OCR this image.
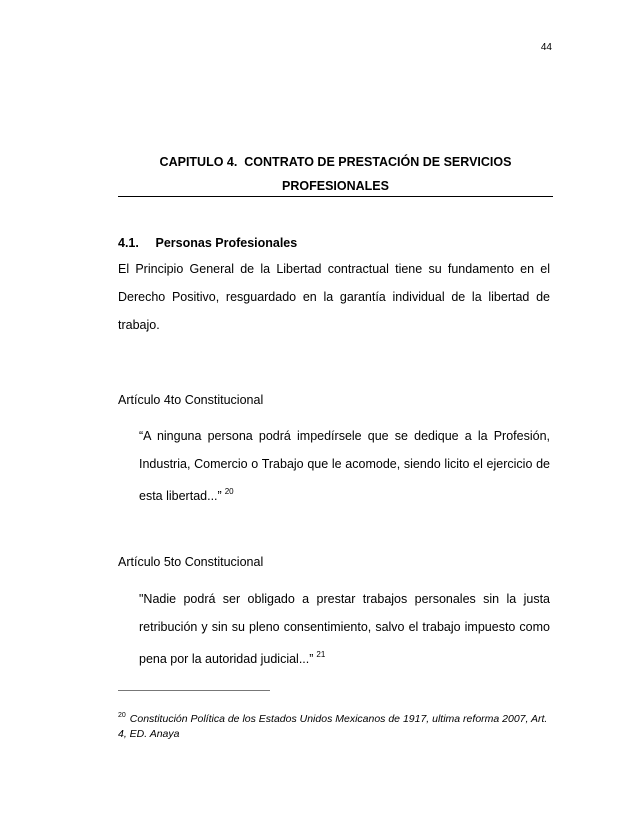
44
CAPITULO 4.  CONTRATO DE PRESTACIÓN DE SERVICIOS
PROFESIONALES
4.1. Personas Profesionales
El Principio General de la Libertad contractual tiene su fundamento en el
Derecho Positivo, resguardado en la garantía individual de la libertad de
trabajo.
Artículo 4to Constitucional
“A ninguna persona podrá impedírsele que se dedique a la Profesión,
Industria, Comercio o Trabajo que le acomode, siendo licito el ejercicio de
esta libertad...” $^{20}$
Artículo 5to Constitucional
"Nadie podrá ser obligado a prestar trabajos personales sin la justa
retribución y sin su pleno consentimiento, salvo el trabajo impuesto como
pena por la autoridad judicial...” $^{21}$
$^{20}$ Constitución Política de los Estados Unidos Mexicanos de 1917, ultima reforma 2007, Art.
4, ED. Anaya
